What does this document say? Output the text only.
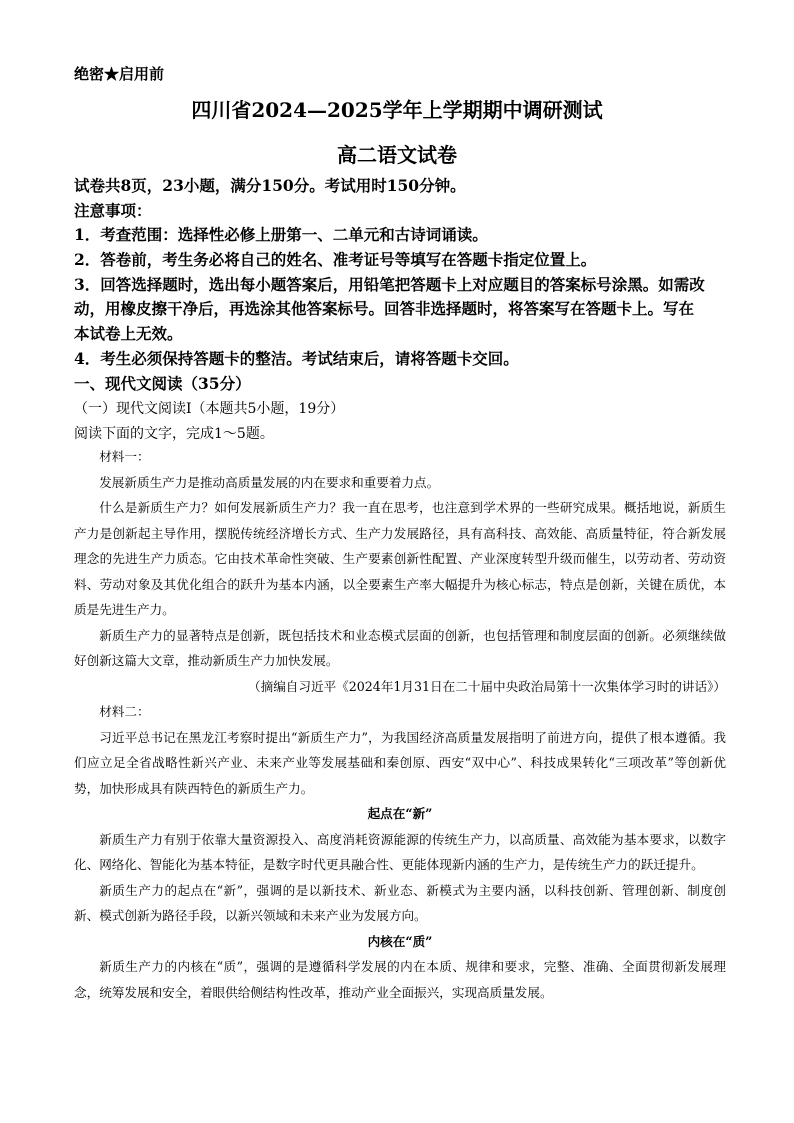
绝密★启用前
四川省2024—2025学年上学期期中调研测试
高二语文试卷
试卷共8页，23小题，满分150分。考试用时150分钟。
注意事项：
1．考查范围：选择性必修上册第一、二单元和古诗词诵读。
2．答卷前，考生务必将自己的姓名、准考证号等填写在答题卡指定位置上。
3．回答选择题时，选出每小题答案后，用铅笔把答题卡上对应题目的答案标号涂黑。如需改
动，用橡皮擦干净后，再选涂其他答案标号。回答非选择题时，将答案写在答题卡上。写在
本试卷上无效。
4．考生必须保持答题卡的整洁。考试结束后，请将答题卡交回。
一、现代文阅读（35分）
（一）现代文阅读Ⅰ（本题共5小题，19分）
阅读下面的文字，完成1～5题。

材料一：

发展新质生产力是推动高质量发展的内在要求和重要着力点。

什么是新质生产力？如何发展新质生产力？我一直在思考，也注意到学术界的一些研究成果。概括地说，新质生产力是创新起主导作用，摆脱传统经济增长方式、生产力发展路径，具有高科技、高效能、高质量特征，符合新发展理念的先进生产力质态。它由技术革命性突破、生产要素创新性配置、产业深度转型升级而催生，以劳动者、劳动资料、劳动对象及其优化组合的跃升为基本内涵，以全要素生产率大幅提升为核心标志，特点是创新，关键在质优，本质是先进生产力。

新质生产力的显著特点是创新，既包括技术和业态模式层面的创新，也包括管理和制度层面的创新。必须继续做好创新这篇大文章，推动新质生产力加快发展。

（摘编自习近平《2024年1月31日在二十届中央政治局第十一次集体学习时的讲话》）

材料二：

习近平总书记在黑龙江考察时提出“新质生产力”，为我国经济高质量发展指明了前进方向，提供了根本遵循。我们应立足全省战略性新兴产业、未来产业等发展基础和秦创原、西安“双中心”、科技成果转化“三项改革”等创新优势，加快形成具有陕西特色的新质生产力。

起点在“新”

新质生产力有别于依靠大量资源投入、高度消耗资源能源的传统生产力，以高质量、高效能为基本要求，以数字化、网络化、智能化为基本特征，是数字时代更具融合性、更能体现新内涵的生产力，是传统生产力的跃迁提升。

新质生产力的起点在“新”，强调的是以新技术、新业态、新模式为主要内涵，以科技创新、管理创新、制度创新、模式创新为路径手段，以新兴领域和未来产业为发展方向。

内核在“质”

新质生产力的内核在“质”，强调的是遵循科学发展的内在本质、规律和要求，完整、准确、全面贯彻新发展理念，统筹发展和安全，着眼供给侧结构性改革，推动产业全面振兴，实现高质量发展。
